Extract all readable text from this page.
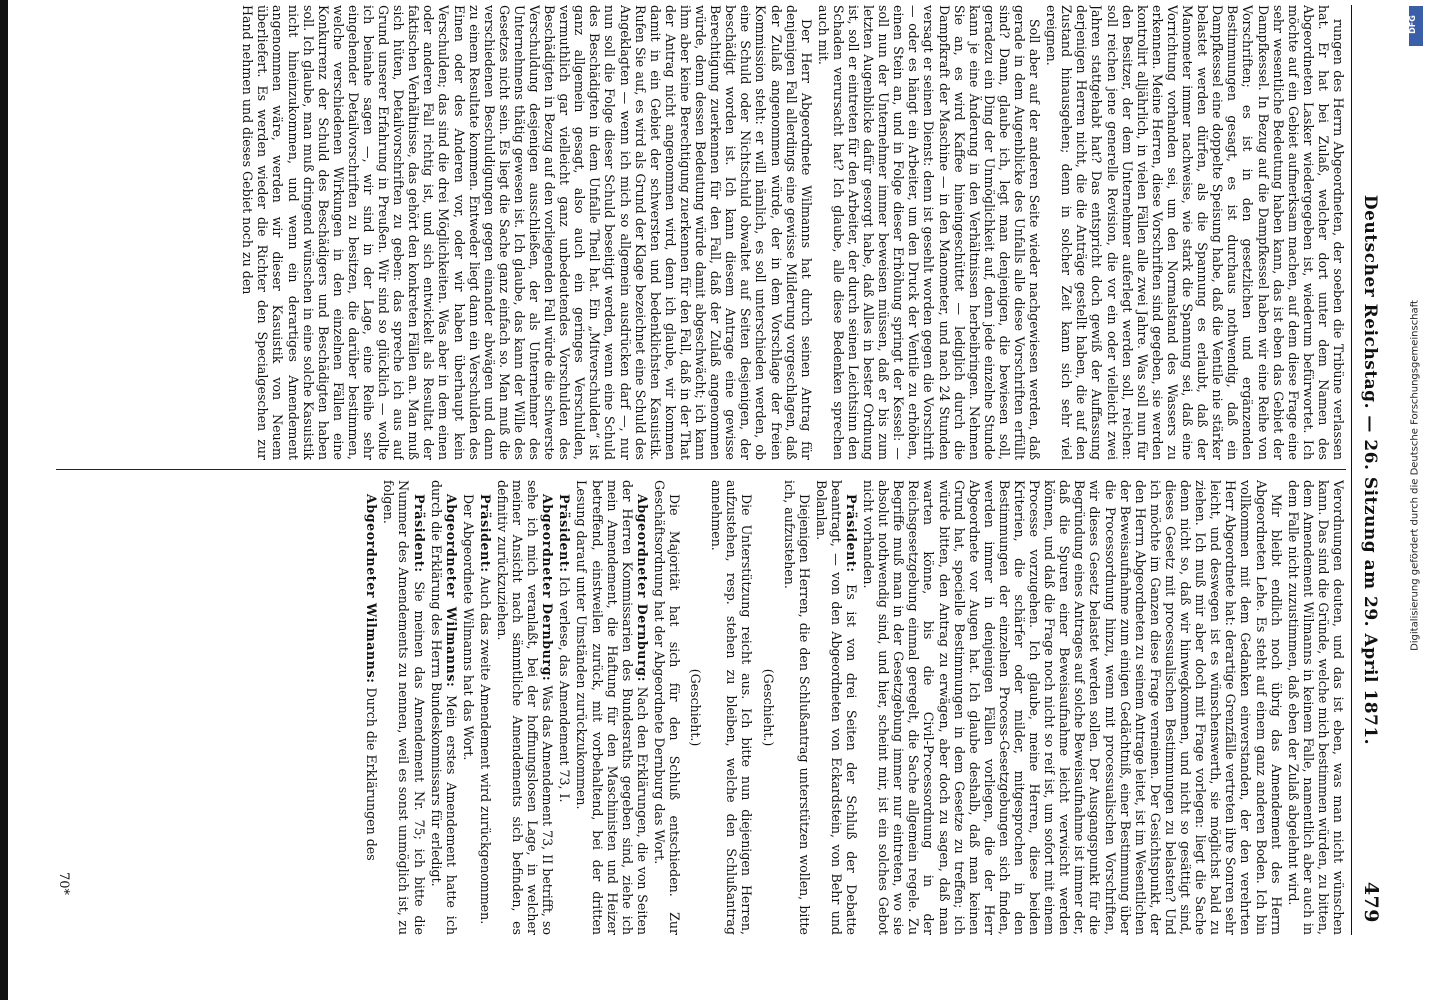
Deutscher Reichstag. — 26. Sitzung am 29. April 1871.
479

rungen des Herrn Abgeordneten, der soeben die Tribüne verlassen hat. Er hat bei Zulaß, welcher dort unter dem Namen des Abgeordneten Lasker wiedergegeben ist, wiederum befürwortet. Ich möchte auf ein Gebiet aufmerksam machen, auf dem diese Frage eine sehr wesentliche Bedeutung haben kann, das ist eben das Gebiet der Dampfkessel. In Bezug auf die Dampfkessel haben wir eine Reihe von Vorschriften; es ist in den gesetzlichen und ergänzenden Bestimmungen gesagt, es ist durchaus nothwendig, daß ein Dampfkessel eine doppelte Speisung habe, daß die Ventile nie stärker belastet werden dürfen, als die Spannung es erlaubt, daß der Manometer immer nachweise, wie stark die Spannung sei, daß eine Vorrichtung vorhanden sei, um den Normalstand des Wassers zu erkennen. Meine Herren, diese Vorschriften sind gegeben, sie werden kontrolirt alljährlich, in vielen Fällen alle zwei Jahre. Was soll nun für den Besitzer, der dem Unternehmer auferlegt werden soll, reichen: soll reichen jene generelle Revision, die vor ein oder vielleicht zwei Jahren stattgehabt hat? Das entspricht doch gewiß der Auffassung derjenigen Herren nicht, die die Anträge gestellt haben, die auf den Zustand hinausgehen; denn in solcher Zeit kann sich sehr viel ereignen.

Soll aber auf der anderen Seite wieder nachgewiesen werden, daß gerade in dem Augenblicke des Unfalls alle diese Vorschriften erfüllt sind? Dann, glaube ich, legt man denjenigen, die bewiesen soll, geradezu ein Ding der Unmöglichkeit auf, denn jede einzelne Stunde kann je eine Änderung in den Verhältnissen herbeibringen. Nehmen Sie an, es wird Kaffee hineingeschüttet — lediglich durch die Dampfkraft der Maschine — in den Manometer, und nach 24 Stunden versagt er seinen Dienst: denn ist gesehlt worden gegen die Vorschrift — oder es hängt ein Arbeiter, um den Druck der Ventile zu erhöhen, einen Stein an, und in Folge dieser Erhöhung springt der Kessel: — soll nun der Unternehmer immer beweisen müssen, daß er bis zum letzten Augenblicke dafür gesorgt habe, daß Alles in bester Ordnung ist, soll er eintreten für den Arbeiter, der durch seinen Leichtsinn den Schaden verursacht hat? Ich glaube, alle diese Bedenken sprechen auch mit.

Der Herr Abgeordnete Wilmanns hat durch seinen Antrag für denjenigen Fall allerdings eine gewisse Milderung vorgeschlagen, daß der Zulaß angenommen würde, der in dem Vorschlage der freien Kommission steht: er will nämlich, es soll unterschieden werden, ob eine Schuld oder Nichtschuld obwaltet auf Seiten desjenigen, der beschädigt worden ist. Ich kann diesem Antrage eine gewisse Berechtigung zuerkennen für den Fall, daß der Zulaß angenommen würde, denn dessen Bedeutung würde damit abgeschwächt; ich kann ihm aber keine Berechtigung zuerkennen für den Fall, daß in der That der Antrag nicht angenommen wird, denn ich glaube, wir kommen damit in ein Gebiet der schwersten und bedenklichsten Kasuistik. Rufen Sie auf, es wird als Grund der Klage bezeichnet eine Schuld des Angeklagten — wenn ich mich so allgemein ausdrücken darf —, nur nun soll die Folge dieser Schuld beseitigt werden, wenn eine Schuld des Beschädigten in dem Unfalle Theil hat. Ein „Mitverschulden“ ist ganz allgemein gesagt, also auch ein geringes Verschulden, vermuthlich gar vielleicht ganz unbedeutendes Vorschulden des Beschädigten in Bezug auf den vorliegenden Fall würde die schwerste Verschuldung desjenigen ausschließen, der als Unternehmer des Unternehmens thätig gewesen ist. Ich glaube, das kann der Wille des Gesetzes nicht sein. Es liegt die Sache ganz einfach so. Man muß die verschiedenen Beschuldigungen gegen einander abwägen und dann zu einem Resultate kommen. Entweder liegt dann ein Verschulden des Einen oder des Anderen vor, oder wir haben überhaupt kein Verschulden; das sind die drei Möglichkeiten. Was aber in dem einen oder anderen Fall richtig ist, und sich entwickelt als Resultat der faktischen Verhältnisse, das gehört den konkreten Fällen an. Man muß sich hüten, Detailvorschriften zu geben: das spreche ich aus auf Grund unserer Erfahrung in Preußen. Wir sind so glücklich — wollte ich beinahe sagen —, wir sind in der Lage, eine Reihe sehr eingehender Detailvorschriften zu besitzen, die darüber bestimmen, welche verschiedenen Wirkungen in den einzelnen Fällen eine Konkurrenz der Schuld des Beschädigers und Beschädigten haben soll. Ich glaube, man muß dringend wünschen in eine solche Kasuistik nicht hineinzukommen, und wenn ein derartiges Amendement angenommen wäre, werden wir dieser Kasuistik von Neuem überliefert. Es werden wieder die Richter den Specialgeschen zur Hand nehmen und dieses Gebiet noch zu den

Verordnungen deuten, und das ist eben, was man nicht wünschen kann. Das sind die Gründe, welche mich bestimmen würden, zu bitten, dem Amendement Wilmanns in keinem Falle, namentlich aber auch in dem Falle nicht zuzustimmen, daß eben der Zulaß abgelehnt wird.

Mir bleibt endlich noch übrig das Amendement des Herrn Abgeordneten Lehe. Es steht auf einem ganz anderen Boden. Ich bin vollkommen mit dem Gedanken einverstanden, der den verehrten Herr Abgeordnete hat: derartige Grenzfälle vertreten ihre Sonren sehr leicht, und deswegen ist es wünschenswerth, sie möglichst bald zu ziehen. Ich muß mir aber doch mit Frage vorlegen: liegt die Sache denn nicht so, daß wir hinwegkommen, und nicht so gesättigt sind, dieses Gesetz mit processualischen Bestimmungen zu belasten? Und ich möchte im Ganzen diese Frage verneinen. Der Gesichtspunkt, der den Herrn Abgeordneten zu seinem Antrage leitet, ist im Wesentlichen der Beweisaufnahme zum einigen Gedächtniß, einer Bestimmung über die Processordnung hinzu, wenn mit processualischen Vorschriften, wir dieses Gesetz belastet werden sollen. Der Ausgangspunkt für die Begründung eines Antrages auf solche Beweisaufnahme ist immer der, daß die Spuren einer Beweisaufnahme leicht verwischt werden können, und daß die Frage noch nicht so reif ist, um sofort mit einem Processe vorzugehen. Ich glaube, meine Herren, diese beiden Kriterien, die schärfer oder milder, mitgesprochen in den Bestimmungen der einzelnen Process-Gesetzgebungen sich finden, werden immer in denjenigen Fällen vorliegen, die der Herr Abgeordnete vor Augen hat. Ich glaube deshalb, daß man keinen Grund hat, specielle Bestimmungen in dem Gesetze zu treffen; ich würde bitten, den Antrag zu erwägen, aber doch zu sagen, daß man warten könne, bis die Civil-Processordnung in der Reichsgesetzgebung einmal geregelt, die Sache allgemein regele. Zu Begriffe muß man in der Gesetzgebung immer nur eintreten, wo sie absolut nothwendig sind, und hier, scheint mir, ist ein solches Gebot nicht vorhanden.

Präsident: Es ist von drei Seiten der Schluß der Debatte beantragt, — von den Abgeordneten von Eckardstein, von Behr und Bolanlan.

Diejenigen Herren, die den Schlußantrag unterstützen wollen, bitte ich, aufzustehen.

(Geschieht.)

Die Unterstützung reicht aus. Ich bitte nun diejenigen Herren, aufzustehen, resp. stehen zu bleiben, welche den Schlußantrag annehmen.

(Geschieht.)

Die Majorität hat sich für den Schluß entschieden. Zur Geschäftsordnung hat der Abgeordnete Dernburg das Wort.

Abgeordneter Dernburg: Nach den Erklärungen, die von Seiten der Herren Kommissarien des Bundesraths gegeben sind, ziehe ich mein Amendement, die Haftung für den Maschinisten und Heizer betreffend, einstweilen zurück, mit vorbehaltend, bei der dritten Lesung darauf unter Umständen zurückzukommen.

Präsident: Ich verlese, das Amendement 73, I.

Abgeordneter Dernburg: Was das Amendement 73, II betrifft, so sehe ich mich veranlaßt, bei der hoffnungslosen Lage, in welcher meiner Ansicht nach sämmtliche Amendements sich befinden, es definitiv zurückzuziehen.

Präsident: Auch das zweite Amendement wird zurückgenommen.

Der Abgeordnete Wilmanns hat das Wort.

Abgeordneter Wilmanns: Mein erstes Amendement hatte ich durch die Erklärung des Herrn Bundeskommissars für erledigt.

Präsident: Sie meinen das Amendement Nr. 75; ich bitte die Nummer des Amendements zu nennen, weil es sonst unmöglich ist, zu folgen.

Abgeordneter Wilmanns: Durch die Erklärungen des

70*
DFG
Digitalisierung gefördert durch die Deutsche Forschungsgemeinschaft
